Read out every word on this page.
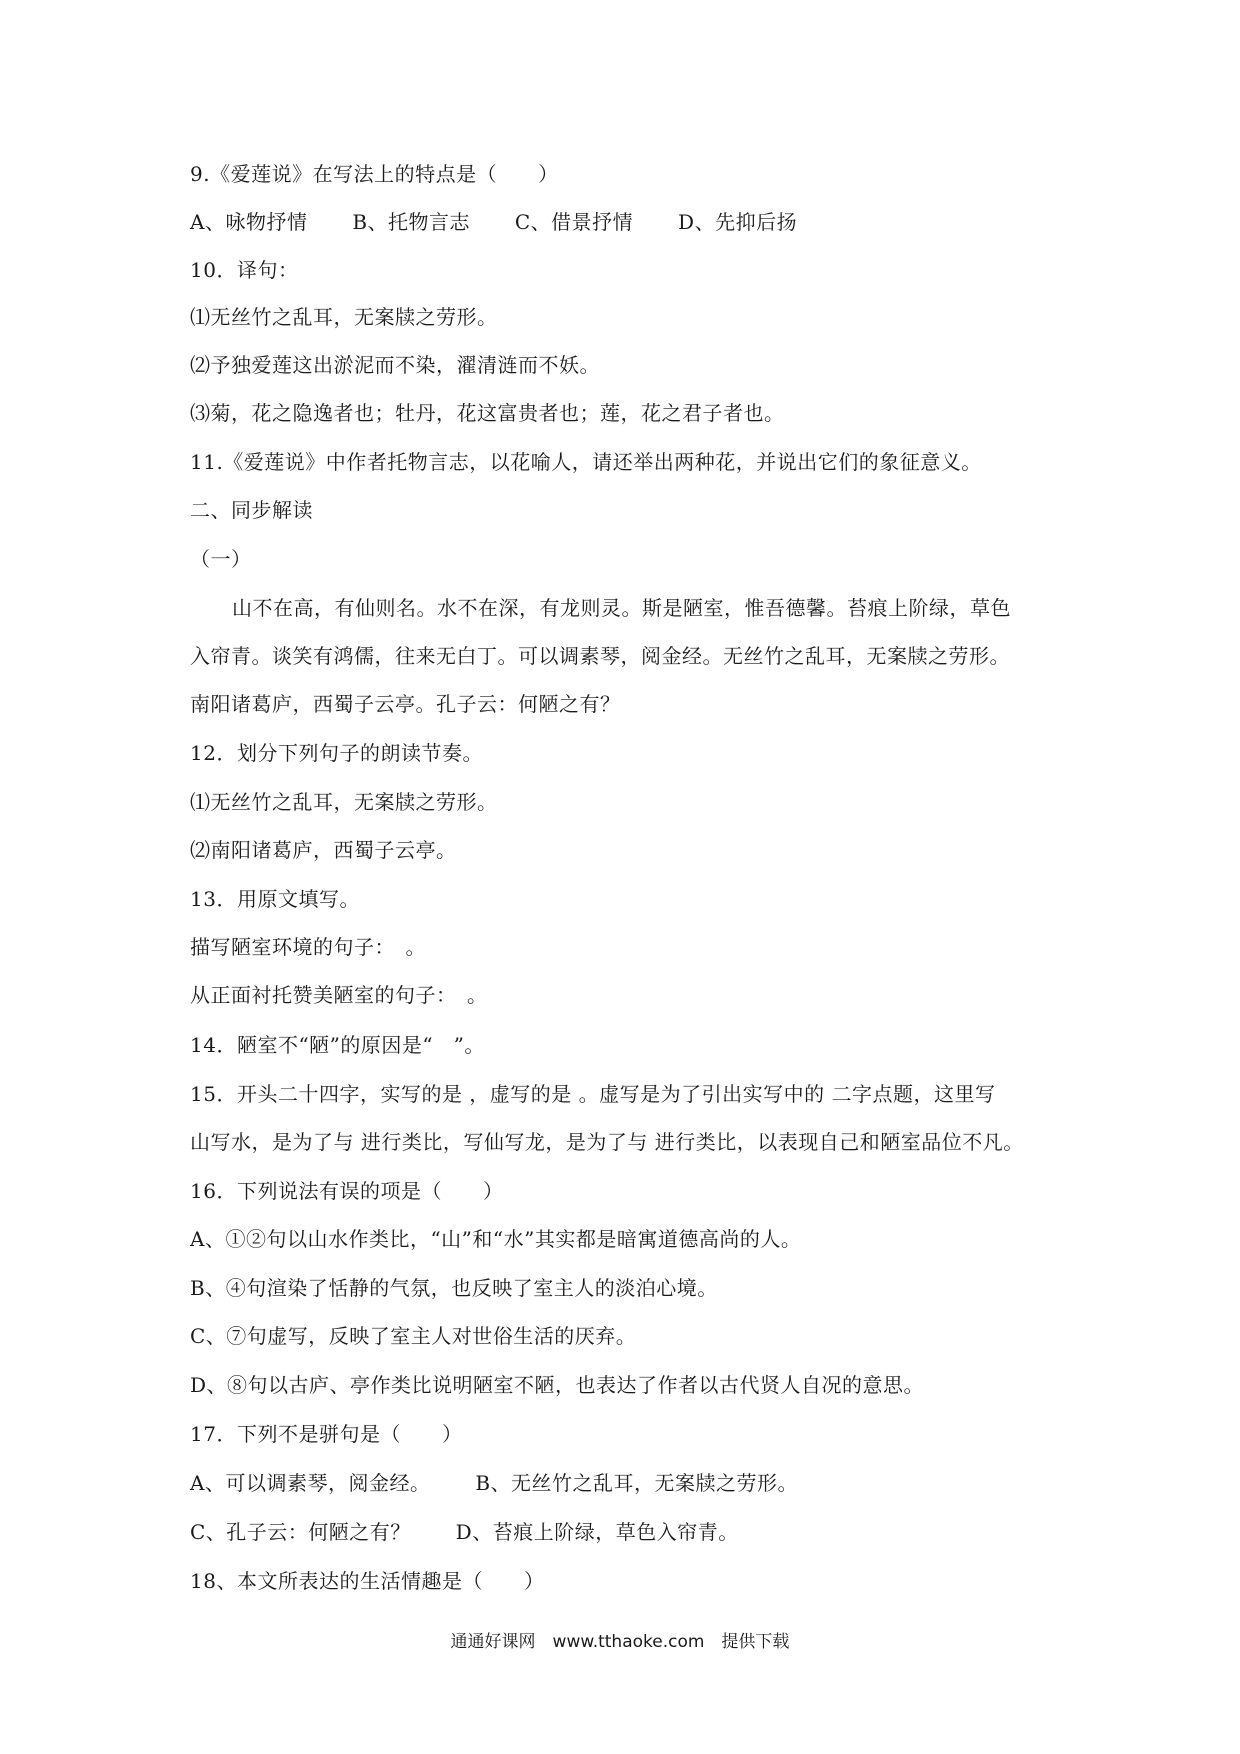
9.《爱莲说》在写法上的特点是（　　）
A、咏物抒情 B、托物言志 C、借景抒情 D、先抑后扬
10．译句：
⑴无丝竹之乱耳，无案牍之劳形。
⑵予独爱莲这出淤泥而不染，濯清涟而不妖。
⑶菊，花之隐逸者也；牡丹，花这富贵者也；莲，花之君子者也。
11.《爱莲说》中作者托物言志，以花喻人，请还举出两种花，并说出它们的象征意义。
二、同步解读
（一）
山不在高，有仙则名。水不在深，有龙则灵。斯是陋室，惟吾德馨。苔痕上阶绿，草色
入帘青。谈笑有鸿儒，往来无白丁。可以调素琴，阅金经。无丝竹之乱耳，无案牍之劳形。
南阳诸葛庐，西蜀子云亭。孔子云：何陋之有？
12．划分下列句子的朗读节奏。
⑴无丝竹之乱耳，无案牍之劳形。
⑵南阳诸葛庐，西蜀子云亭。
13．用原文填写。
描写陋室环境的句子：　。
从正面衬托赞美陋室的句子：　。
14．陋室不“陋”的原因是“　”。
15．开头二十四字，实写的是 ，虚写的是 。虚写是为了引出实写中的 二字点题，这里写
山写水，是为了与 进行类比，写仙写龙，是为了与 进行类比，以表现自己和陋室品位不凡。
16．下列说法有误的项是（　　）
A、①②句以山水作类比，“山”和“水”其实都是暗寓道德高尚的人。
B、④句渲染了恬静的气氛，也反映了室主人的淡泊心境。
C、⑦句虚写，反映了室主人对世俗生活的厌弃。
D、⑧句以古庐、亭作类比说明陋室不陋，也表达了作者以古代贤人自况的意思。
17．下列不是骈句是（　　）
A、可以调素琴，阅金经。 B、无丝竹之乱耳，无案牍之劳形。
C、孔子云：何陋之有？ D、苔痕上阶绿，草色入帘青。
18、本文所表达的生活情趣是（　　）
通通好课网　www.tthaoke.com　提供下载
